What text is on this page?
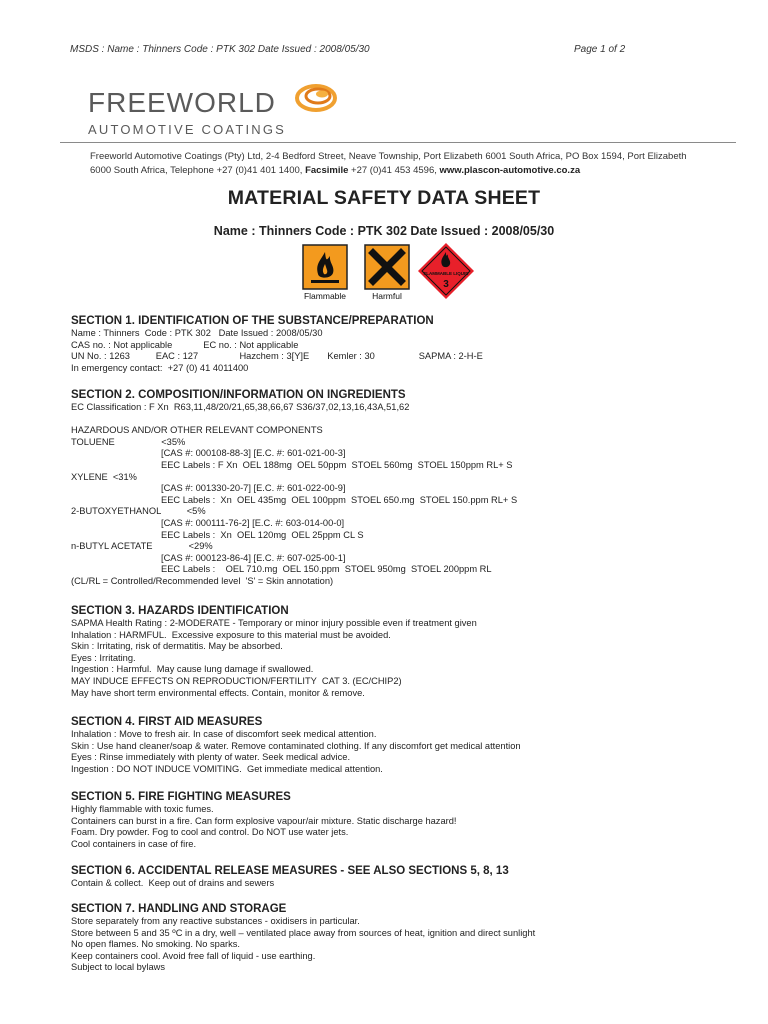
MSDS : Name : Thinners Code : PTK 302 Date Issued : 2008/05/30	Page 1 of 2
FREEWORLD
AUTOMOTIVE COATINGS
Freeworld Automotive Coatings (Pty) Ltd, 2-4 Bedford Street, Neave Township, Port Elizabeth 6001 South Africa, PO Box 1594, Port Elizabeth
6000 South Africa, Telephone +27 (0)41 401 1400, Facsimile +27 (0)41 453 4596, www.plascon-automotive.co.za
MATERIAL SAFETY DATA SHEET
Name : Thinners Code : PTK 302 Date Issued : 2008/05/30
Flammable	Harmful
FLAMMABLE LIQUID
3
SECTION 1. IDENTIFICATION OF THE SUBSTANCE/PREPARATION
Name : Thinners  Code : PTK 302   Date Issued : 2008/05/30
CAS no. : Not applicable            EC no. : Not applicable
UN No. : 1263          EAC : 127                Hazchem : 3[Y]E       Kemler : 30                 SAPMA : 2-H-E
In emergency contact:  +27 (0) 41 4011400
SECTION 2. COMPOSITION/INFORMATION ON INGREDIENTS
EC Classification : F Xn  R63,11,48/20/21,65,38,66,67 S36/37,02,13,16,43A,51,62
HAZARDOUS AND/OR OTHER RELEVANT COMPONENTS
TOLUENE                  <35%
[CAS #: 000108-88-3] [E.C. #: 601-021-00-3]
EEC Labels : F Xn  OEL 188mg  OEL 50ppm  STOEL 560mg  STOEL 150ppm RL+ S
XYLENE  <31%
[CAS #: 001330-20-7] [E.C. #: 601-022-00-9]
EEC Labels :  Xn  OEL 435mg  OEL 100ppm  STOEL 650.mg  STOEL 150.ppm RL+ S
2-BUTOXYETHANOL          <5%
[CAS #: 000111-76-2] [E.C. #: 603-014-00-0]
EEC Labels :  Xn  OEL 120mg  OEL 25ppm CL S
n-BUTYL ACETATE              <29%
[CAS #: 000123-86-4] [E.C. #: 607-025-00-1]
EEC Labels :    OEL 710.mg  OEL 150.ppm  STOEL 950mg  STOEL 200ppm RL
(CL/RL = Controlled/Recommended level  'S' = Skin annotation)
SECTION 3. HAZARDS IDENTIFICATION
SAPMA Health Rating : 2-MODERATE - Temporary or minor injury possible even if treatment given
Inhalation : HARMFUL.  Excessive exposure to this material must be avoided.
Skin : Irritating, risk of dermatitis. May be absorbed.
Eyes : Irritating.
Ingestion : Harmful.  May cause lung damage if swallowed.
MAY INDUCE EFFECTS ON REPRODUCTION/FERTILITY  CAT 3. (EC/CHIP2)
May have short term environmental effects. Contain, monitor & remove.
SECTION 4. FIRST AID MEASURES
Inhalation : Move to fresh air. In case of discomfort seek medical attention.
Skin : Use hand cleaner/soap & water. Remove contaminated clothing. If any discomfort get medical attention
Eyes : Rinse immediately with plenty of water. Seek medical advice.
Ingestion : DO NOT INDUCE VOMITING.  Get immediate medical attention.
SECTION 5. FIRE FIGHTING MEASURES
Highly flammable with toxic fumes.
Containers can burst in a fire. Can form explosive vapour/air mixture. Static discharge hazard!
Foam. Dry powder. Fog to cool and control. Do NOT use water jets.
Cool containers in case of fire.
SECTION 6. ACCIDENTAL RELEASE MEASURES - SEE ALSO SECTIONS 5, 8, 13
Contain & collect.  Keep out of drains and sewers
SECTION 7. HANDLING AND STORAGE
Store separately from any reactive substances - oxidisers in particular.
Store between 5 and 35 ºC in a dry, well – ventilated place away from sources of heat, ignition and direct sunlight
No open flames. No smoking. No sparks.
Keep containers cool. Avoid free fall of liquid - use earthing.
Subject to local bylaws
